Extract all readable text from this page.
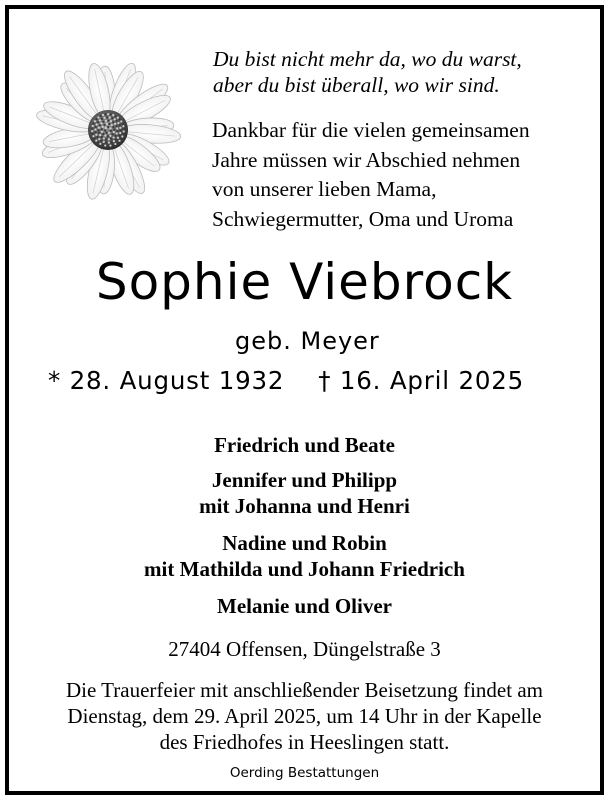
Du bist nicht mehr da, wo du warst,
aber du bist überall, wo wir sind.
Dankbar für die vielen gemeinsamen
Jahre müssen wir Abschied nehmen
von unserer lieben Mama,
Schwiegermutter, Oma und Uroma
Sophie Viebrock
geb. Meyer
* 28. August 1932 † 16. April 2025
Friedrich und Beate
Jennifer und Philipp
mit Johanna und Henri
Nadine und Robin
mit Mathilda und Johann Friedrich
Melanie und Oliver
27404 Offensen, Düngelstraße 3
Die Trauerfeier mit anschließender Beisetzung findet am
Dienstag, dem 29. April 2025, um 14 Uhr in der Kapelle
des Friedhofes in Heeslingen statt.
Oerding Bestattungen
